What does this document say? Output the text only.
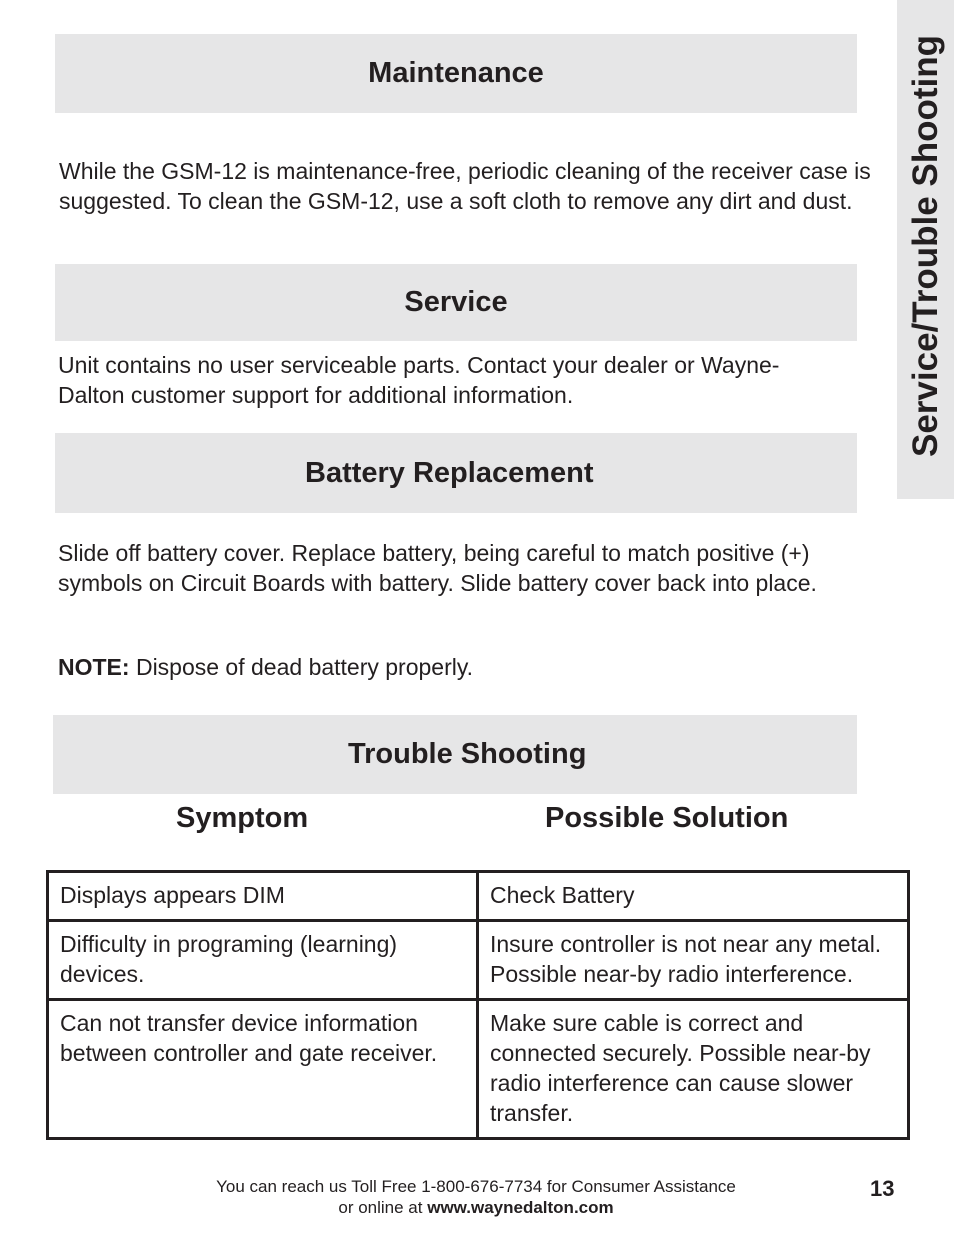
Service/Trouble Shooting
Maintenance

While the GSM-12 is maintenance-free, periodic cleaning of the receiver case is suggested. To clean the GSM-12, use a soft cloth to remove any dirt and dust.

Service

Unit contains no user serviceable parts. Contact your dealer or Wayne-Dalton customer support for additional information.

Battery Replacement

Slide off battery cover. Replace battery, being careful to match positive (+) symbols on Circuit Boards with battery. Slide battery cover back into place.

NOTE: Dispose of dead battery properly.

Trouble Shooting
Symptom	Possible Solution
Displays appears DIM	Check Battery
Difficulty in programing (learning) devices.	Insure controller is not near any metal. Possible near-by radio interference.
Can not transfer device information between controller and gate receiver.	Make sure cable is correct and connected securely. Possible near-by radio interference can cause slower transfer.
You can reach us Toll Free 1-800-676-7734 for Consumer Assistance
or online at www.waynedalton.com
13
